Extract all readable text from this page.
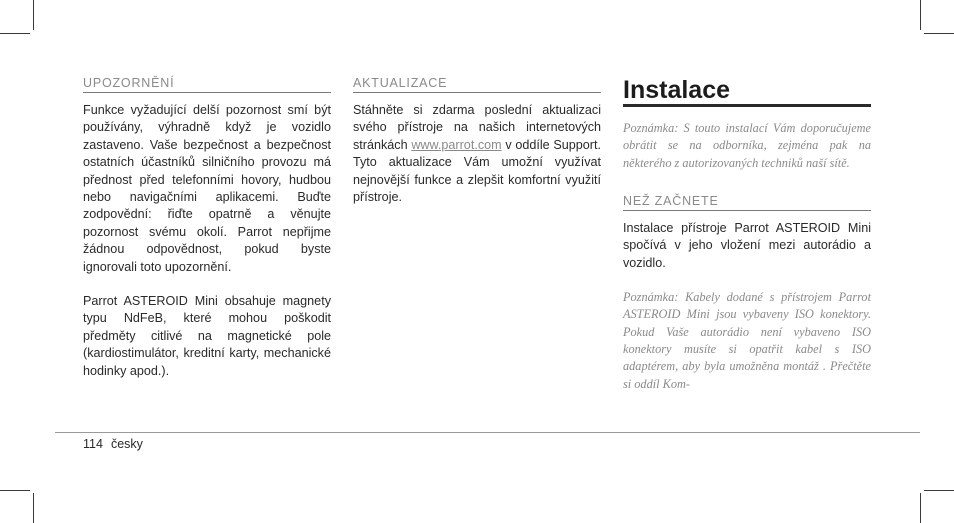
UPOZORNĚNÍ

Funkce vyžadující delší pozornost smí být používány, výhradně když je vozidlo zastaveno. Vaše bezpečnost a bezpečnost ostatních účastníků silničního provozu má přednost před telefonními hovory, hudbou nebo navigačními aplikacemi. Buďte zodpovědní: řiďte opatrně a věnujte pozornost svému okolí. Parrot nepřijme žádnou odpovědnost, pokud byste ignorovali toto upozornění.

Parrot ASTEROID Mini obsahuje magnety typu NdFeB, které mohou poškodit předměty citlivé na magnetické pole (kardiostimulátor, kreditní karty, mechanické hodinky apod.).

AKTUALIZACE

Stáhněte si zdarma poslední aktualizaci svého přístroje na našich internetových stránkách www.parrot.com v oddíle Support. Tyto aktualizace Vám umožní využívat nejnovější funkce a zlepšit komfortní využití přístroje.

Instalace

Poznámka: S touto instalací Vám doporučujeme obrátit se na odborníka, zejména pak na některého z autorizovaných techniků naší sítě.

NEŽ ZAČNETE

Instalace přístroje Parrot ASTEROID Mini spočívá v jeho vložení mezi autorádio a vozidlo.

Poznámka: Kabely dodané s přístrojem Parrot ASTEROID Mini jsou vybaveny ISO konektory. Pokud Vaše autorádio není vybaveno ISO konektory musíte si opatřit kabel s ISO adaptérem, aby byla umožněna montáž . Přečtěte si oddíl Kom-

114 česky
